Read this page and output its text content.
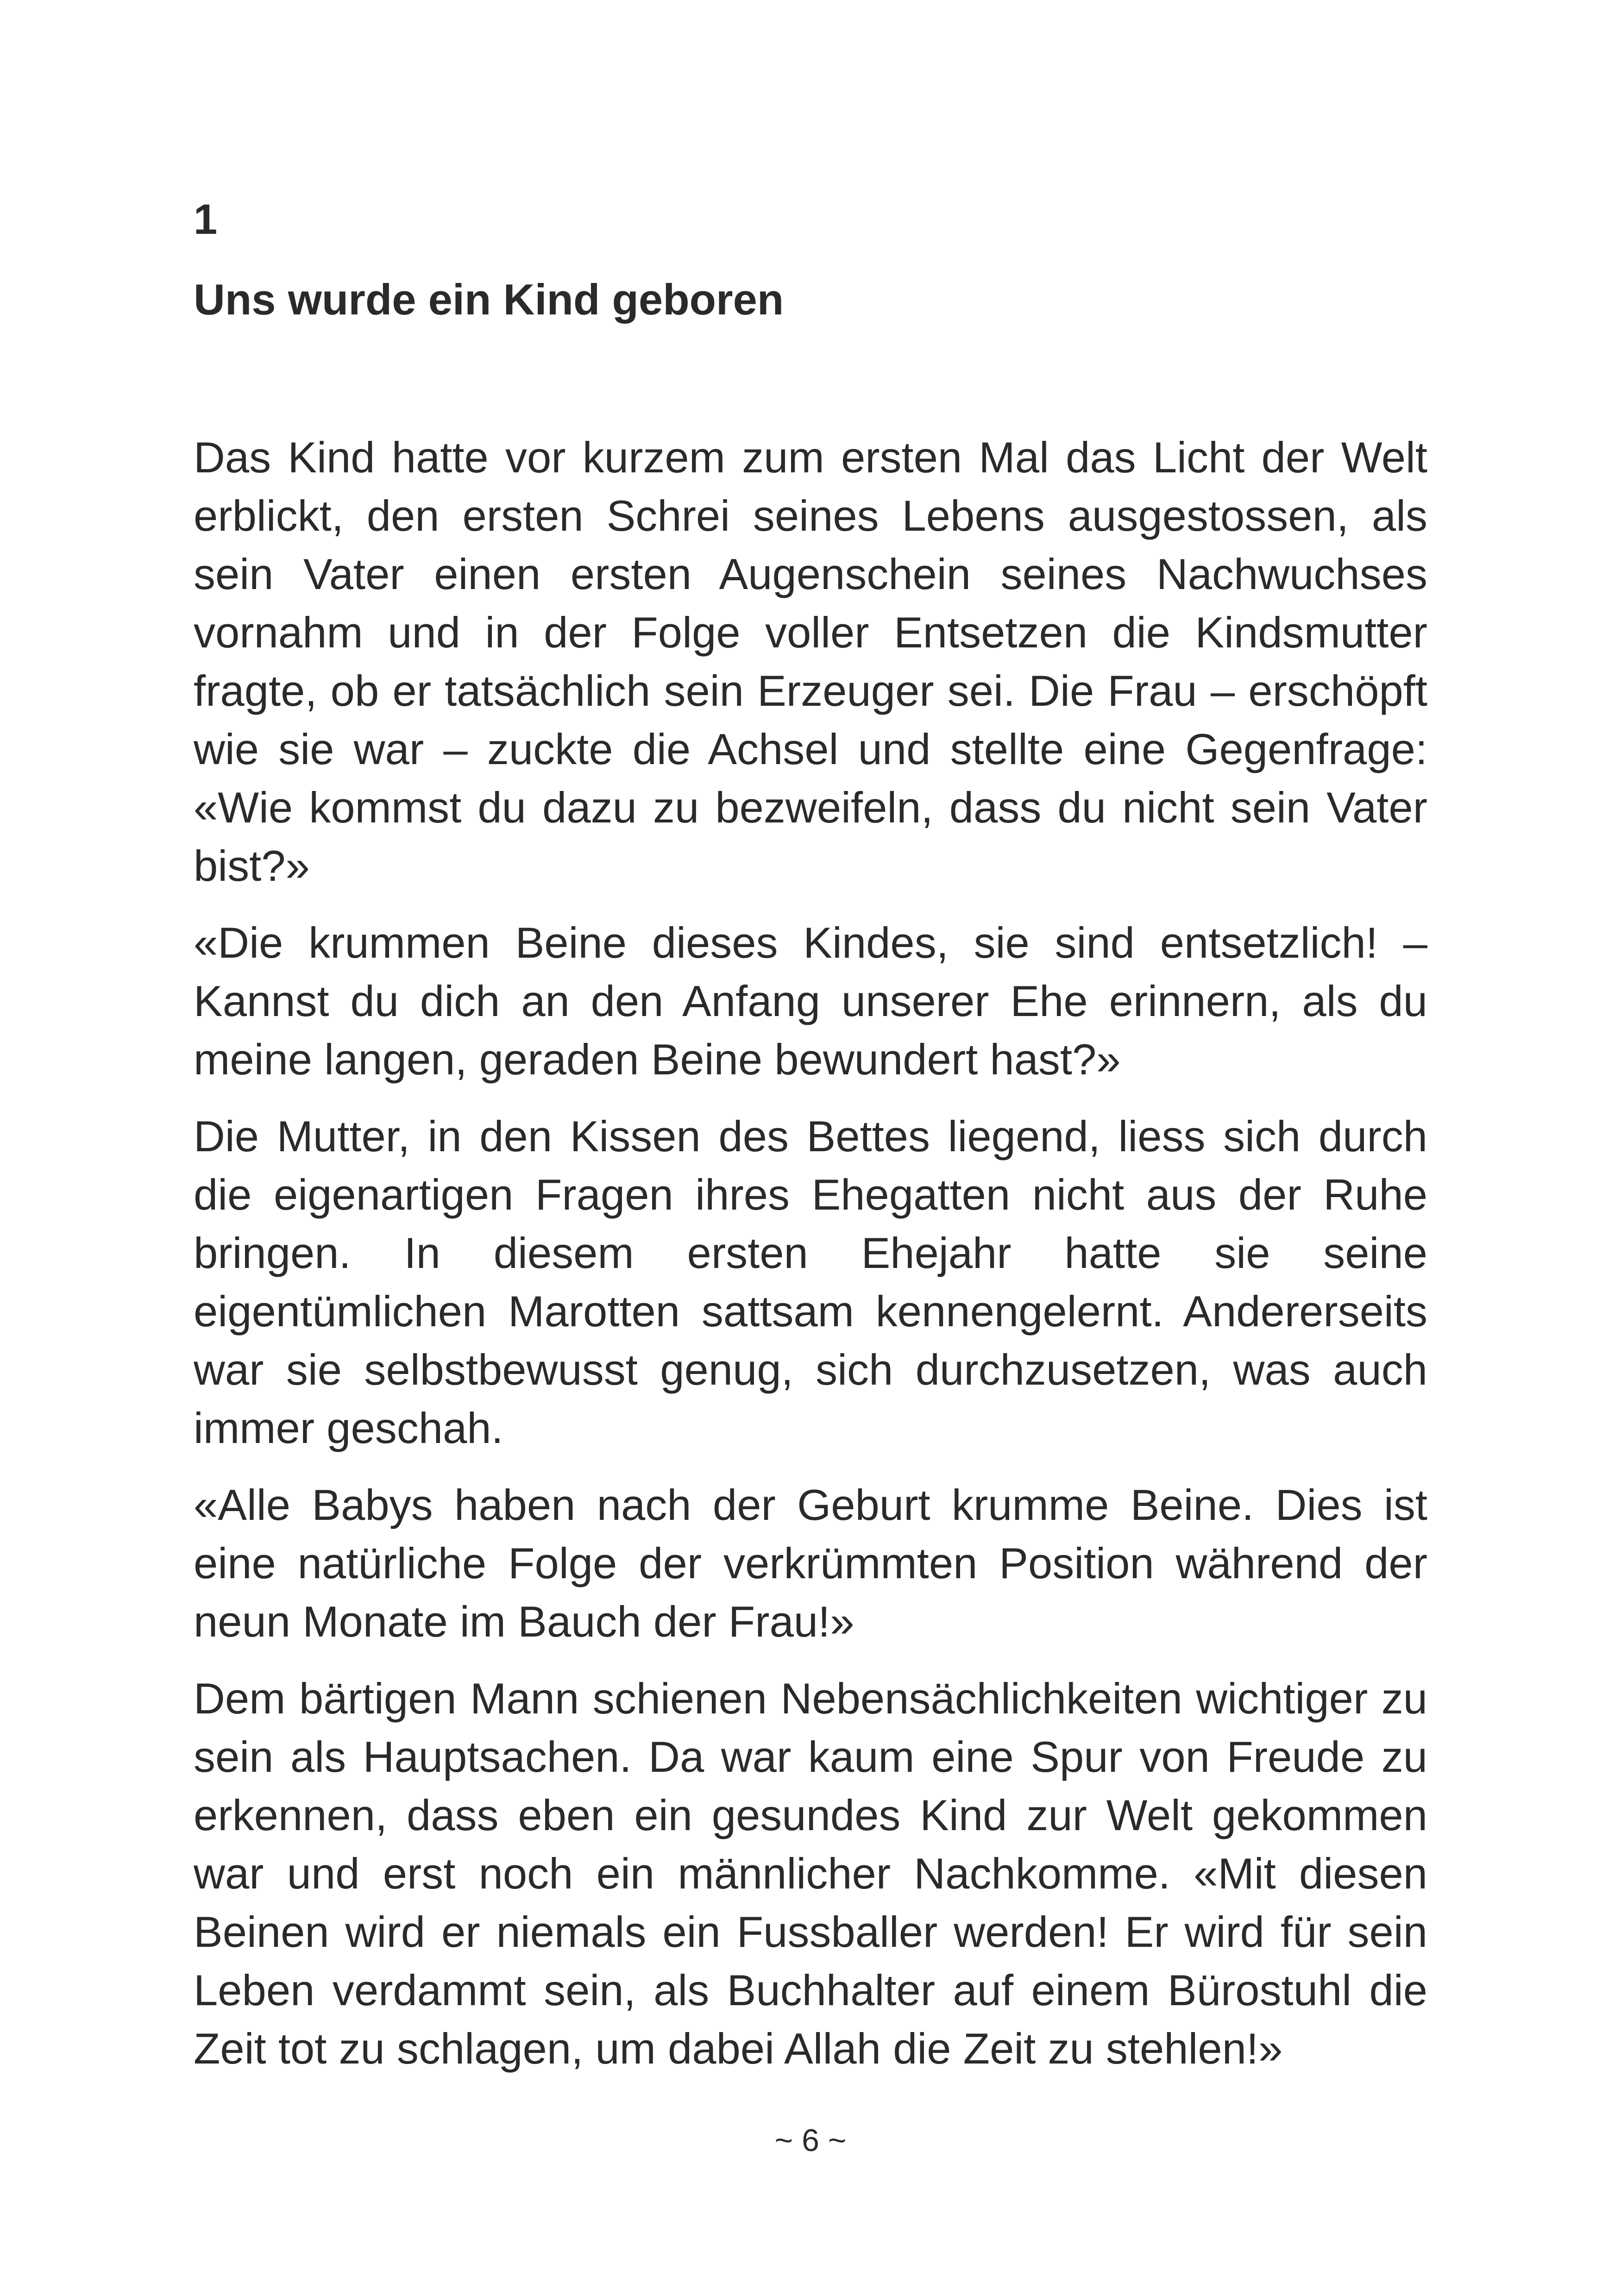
1
Uns wurde ein Kind geboren

Das Kind hatte vor kurzem zum ersten Mal das Licht der Welt erblickt, den ersten Schrei seines Lebens ausgestossen, als sein Vater einen ersten Augenschein seines Nachwuchses vornahm und in der Folge voller Entsetzen die Kindsmutter fragte, ob er tatsächlich sein Erzeuger sei. Die Frau – erschöpft wie sie war – zuckte die Achsel und stellte eine Gegenfrage: «Wie kommst du dazu zu bezweifeln, dass du nicht sein Vater bist?»

«Die krummen Beine dieses Kindes, sie sind entsetzlich! – Kannst du dich an den Anfang unserer Ehe erinnern, als du meine langen, geraden Beine bewundert hast?»

Die Mutter, in den Kissen des Bettes liegend, liess sich durch die eigenartigen Fragen ihres Ehegatten nicht aus der Ruhe bringen. In diesem ersten Ehejahr hatte sie seine eigentümlichen Marotten sattsam kennengelernt. Andererseits war sie selbstbewusst genug, sich durchzusetzen, was auch immer geschah.

«Alle Babys haben nach der Geburt krumme Beine. Dies ist eine natürliche Folge der verkrümmten Position während der neun Monate im Bauch der Frau!»

Dem bärtigen Mann schienen Nebensächlichkeiten wichtiger zu sein als Hauptsachen. Da war kaum eine Spur von Freude zu erkennen, dass eben ein gesundes Kind zur Welt gekommen war und erst noch ein männlicher Nachkomme. «Mit diesen Beinen wird er niemals ein Fussballer werden! Er wird für sein Leben verdammt sein, als Buchhalter auf einem Bürostuhl die Zeit tot zu schlagen, um dabei Allah die Zeit zu stehlen!»

~ 6 ~
